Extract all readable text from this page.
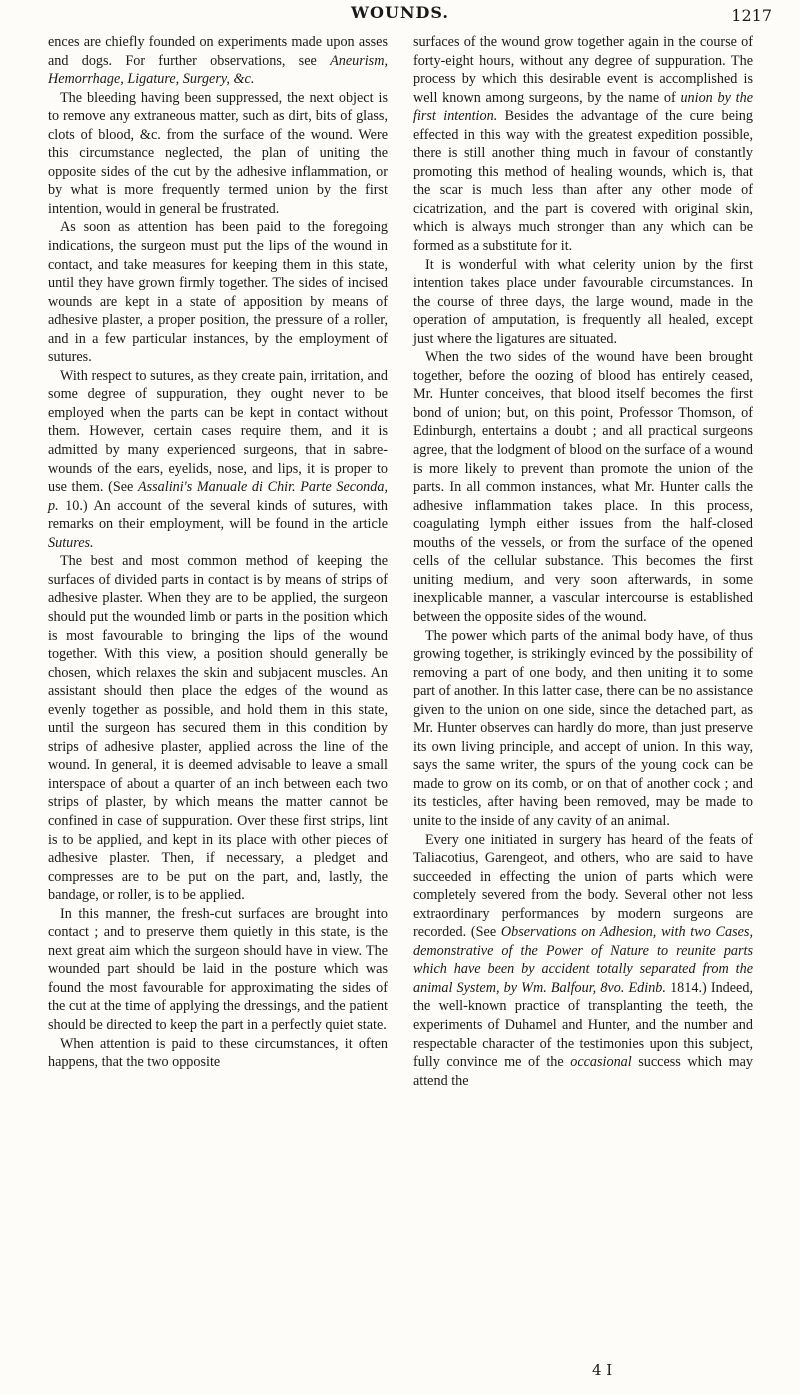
WOUNDS.	1217

ences are chiefly founded on experiments made upon asses and dogs. For further observations, see Aneurism, Hemorrhage, Ligature, Surgery, &c.

The bleeding having been suppressed, the next object is to remove any extraneous matter, such as dirt, bits of glass, clots of blood, &c. from the surface of the wound. Were this circumstance neglected, the plan of uniting the opposite sides of the cut by the adhesive inflammation, or by what is more frequently termed union by the first intention, would in general be frustrated.

As soon as attention has been paid to the foregoing indications, the surgeon must put the lips of the wound in contact, and take measures for keeping them in this state, until they have grown firmly together. The sides of incised wounds are kept in a state of apposition by means of adhesive plaster, a proper position, the pressure of a roller, and in a few particular instances, by the employment of sutures.

With respect to sutures, as they create pain, irritation, and some degree of suppuration, they ought never to be employed when the parts can be kept in contact without them. However, certain cases require them, and it is admitted by many experienced surgeons, that in sabre-wounds of the ears, eyelids, nose, and lips, it is proper to use them. (See Assalini's Manuale di Chir. Parte Seconda, p. 10.) An account of the several kinds of sutures, with remarks on their employment, will be found in the article Sutures.

The best and most common method of keeping the surfaces of divided parts in contact is by means of strips of adhesive plaster. When they are to be applied, the surgeon should put the wounded limb or parts in the position which is most favourable to bringing the lips of the wound together. With this view, a position should generally be chosen, which relaxes the skin and subjacent muscles. An assistant should then place the edges of the wound as evenly together as possible, and hold them in this state, until the surgeon has secured them in this condition by strips of adhesive plaster, applied across the line of the wound. In general, it is deemed advisable to leave a small interspace of about a quarter of an inch between each two strips of plaster, by which means the matter cannot be confined in case of suppuration. Over these first strips, lint is to be applied, and kept in its place with other pieces of adhesive plaster. Then, if necessary, a pledget and compresses are to be put on the part, and, lastly, the bandage, or roller, is to be applied.

In this manner, the fresh-cut surfaces are brought into contact ; and to preserve them quietly in this state, is the next great aim which the surgeon should have in view. The wounded part should be laid in the posture which was found the most favourable for approximating the sides of the cut at the time of applying the dressings, and the patient should be directed to keep the part in a perfectly quiet state.

When attention is paid to these circumstances, it often happens, that the two opposite

surfaces of the wound grow together again in the course of forty-eight hours, without any degree of suppuration. The process by which this desirable event is accomplished is well known among surgeons, by the name of union by the first intention. Besides the advantage of the cure being effected in this way with the greatest expedition possible, there is still another thing much in favour of constantly promoting this method of healing wounds, which is, that the scar is much less than after any other mode of cicatrization, and the part is covered with original skin, which is always much stronger than any which can be formed as a substitute for it.

It is wonderful with what celerity union by the first intention takes place under favourable circumstances. In the course of three days, the large wound, made in the operation of amputation, is frequently all healed, except just where the ligatures are situated.

When the two sides of the wound have been brought together, before the oozing of blood has entirely ceased, Mr. Hunter conceives, that blood itself becomes the first bond of union; but, on this point, Professor Thomson, of Edinburgh, entertains a doubt ; and all practical surgeons agree, that the lodgment of blood on the surface of a wound is more likely to prevent than promote the union of the parts. In all common instances, what Mr. Hunter calls the adhesive inflammation takes place. In this process, coagulating lymph either issues from the half-closed mouths of the vessels, or from the surface of the opened cells of the cellular substance. This becomes the first uniting medium, and very soon afterwards, in some inexplicable manner, a vascular intercourse is established between the opposite sides of the wound.

The power which parts of the animal body have, of thus growing together, is strikingly evinced by the possibility of removing a part of one body, and then uniting it to some part of another. In this latter case, there can be no assistance given to the union on one side, since the detached part, as Mr. Hunter observes can hardly do more, than just preserve its own living principle, and accept of union. In this way, says the same writer, the spurs of the young cock can be made to grow on its comb, or on that of another cock ; and its testicles, after having been removed, may be made to unite to the inside of any cavity of an animal.

Every one initiated in surgery has heard of the feats of Taliacotius, Garengeot, and others, who are said to have succeeded in effecting the union of parts which were completely severed from the body. Several other not less extraordinary performances by modern surgeons are recorded. (See Observations on Adhesion, with two Cases, demonstrative of the Power of Nature to reunite parts which have been by accident totally separated from the animal System, by Wm. Balfour, 8vo. Edinb. 1814.) Indeed, the well-known practice of transplanting the teeth, the experiments of Duhamel and Hunter, and the number and respectable character of the testimonies upon this subject, fully convince me of the occasional success which may attend the

4 I
